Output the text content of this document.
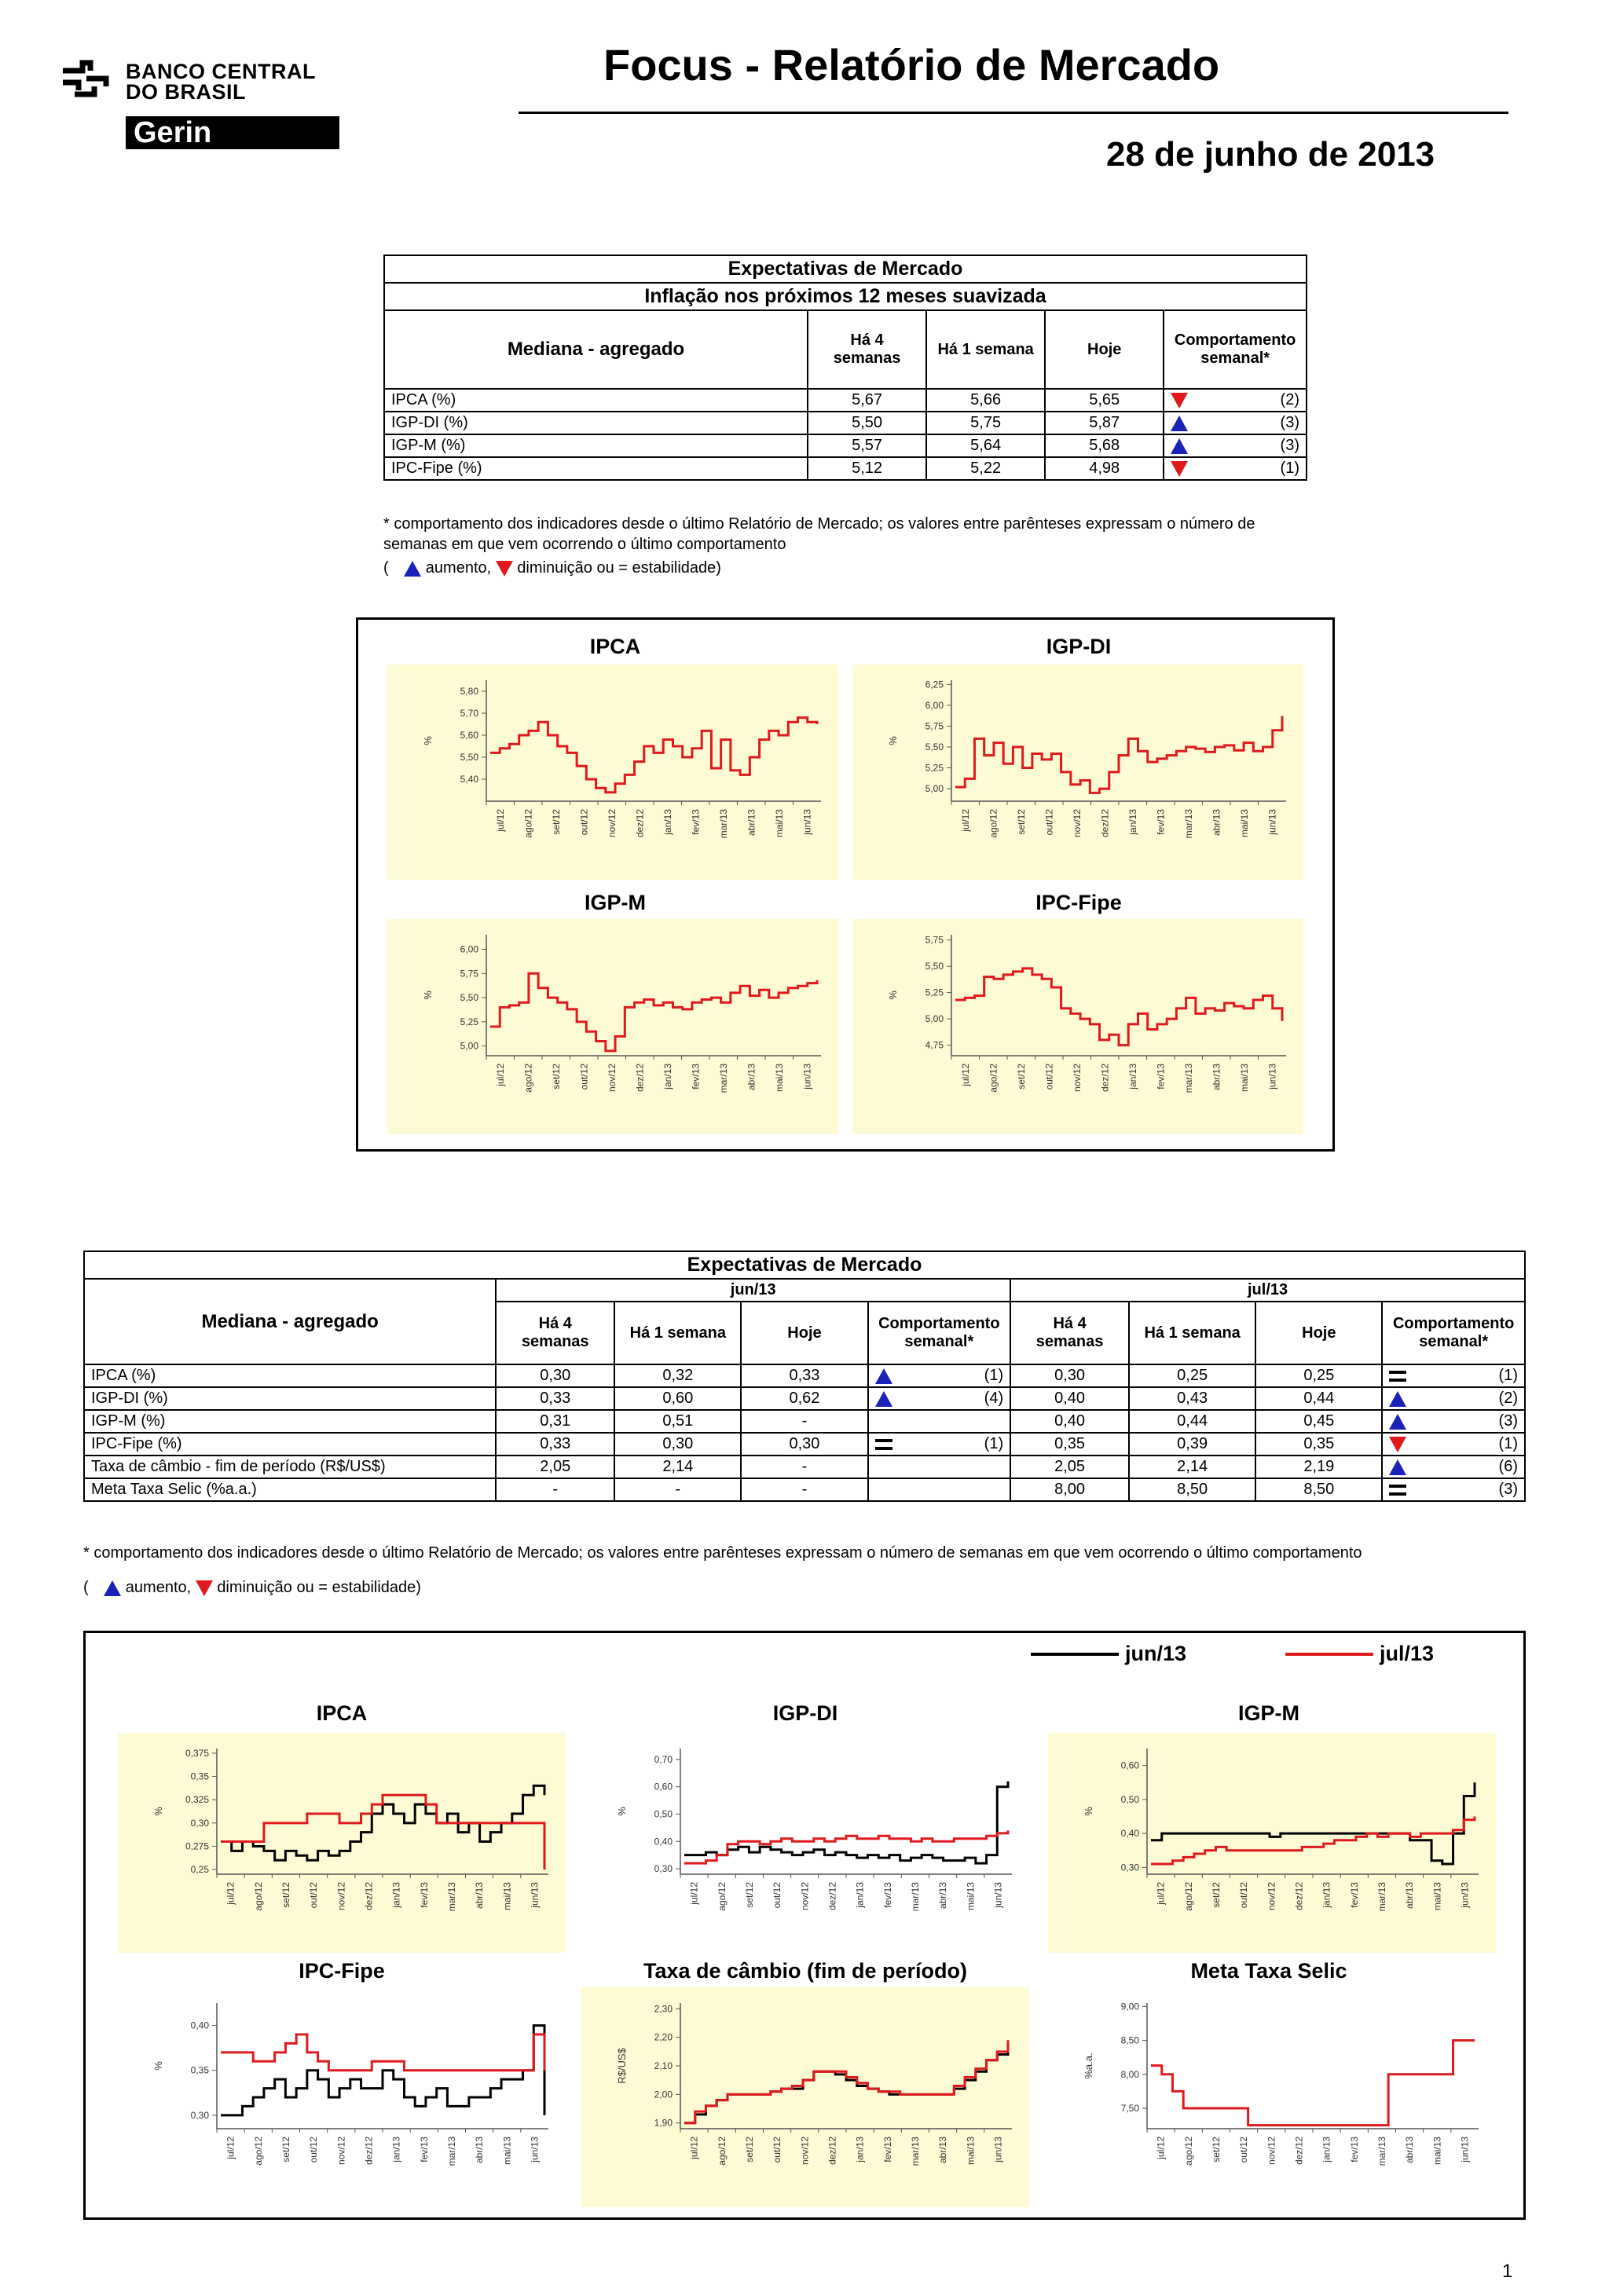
BANCO CENTRAL
DO BRASIL
Gerin
Focus - Relatório de Mercado
28 de junho de 2013
Expectativas de Mercado				
Inflação nos próximos 12 meses suavizada				
Mediana - agregado	Há 4 semanas	Há 1 semana	Hoje	Comportamento semanal*
IPCA (%)	5,67	5,66	5,65	(2)

IGP-DI (%)	5,50	5,75	5,87	(3)

IGP-M (%)	5,57	5,64	5,68	(3)

IPC-Fipe (%)	5,12	5,22	4,98	(1)
* comportamento dos indicadores desde o último Relatório de Mercado; os valores entre parênteses expressam o número de
semanas em que vem ocorrendo o último comportamento
( aumento, diminuição ou = estabilidade)
IPCA	IGP-DI
IGP-M	IPC-Fipe
5,80
5,70
5,60
5,50
5,40
%
jul/12 ago/12 set/12 out/12 nov/12 dez/12 jan/13 fev/13 mar/13 abr/13 mai/13 jun/13
6,25
6,00
5,75
5,50
5,25
5,00
%
jul/12 ago/12 set/12 out/12 nov/12 dez/12 jan/13 fev/13 mar/13 abr/13 mai/13 jun/13
6,00
5,75
5,50
5,25
5,00
%
jul/12 ago/12 set/12 out/12 nov/12 dez/12 jan/13 fev/13 mar/13 abr/13 mai/13 jun/13
5,75
5,50
5,25
5,00
4,75
%
jul/12 ago/12 set/12 out/12 nov/12 dez/12 jan/13 fev/13 mar/13 abr/13 mai/13 jun/13
Expectativas de Mercado								
Mediana - agregado	jun/13				jul/13			
	Há 4 semanas	Há 1 semana	Hoje	Comportamento semanal*	Há 4 semanas	Há 1 semana	Hoje	Comportamento semanal*
IPCA (%)	0,30	0,32	0,33	(1)	0,30	0,25	0,25	(1)

IGP-DI (%)	0,33	0,60	0,62	(4)	0,40	0,43	0,44	(2)

IGP-M (%)	0,31	0,51	-		0,40	0,44	0,45	(3)

IPC-Fipe (%)	0,33	0,30	0,30	(1)	0,35	0,39	0,35	(1)

Taxa de câmbio - fim de período (R$/US$)	2,05	2,14	-		2,05	2,14	2,19	(6)

Meta Taxa Selic (%a.a.)	-	-	-		8,00	8,50	8,50	(3)
* comportamento dos indicadores desde o último Relatório de Mercado; os valores entre parênteses expressam o número de semanas em que vem ocorrendo o último comportamento
( aumento, diminuição ou = estabilidade)
jun/13	jul/13
IPCA	IGP-DI	IGP-M
IPC-Fipe	Taxa de câmbio (fim de período)	Meta Taxa Selic
0,375
0,35
0,325
0,30
0,275
0,25
%
jul/12 ago/12 set/12 out/12 nov/12 dez/12 jan/13 fev/13 mar/13 abr/13 mai/13 jun/13
0,70
0,60
0,50
0,40
0,30
%
jul/12 ago/12 set/12 out/12 nov/12 dez/12 jan/13 fev/13 mar/13 abr/13 mai/13 jun/13
0,60
0,50
0,40
0,30
%
jul/12 ago/12 set/12 out/12 nov/12 dez/12 jan/13 fev/13 mar/13 abr/13 mai/13 jun/13
0,40
0,35
0,30
%
jul/12 ago/12 set/12 out/12 nov/12 dez/12 jan/13 fev/13 mar/13 abr/13 mai/13 jun/13
2,30
2,20
2,10
2,00
1,90
R$/US$
jul/12 ago/12 set/12 out/12 nov/12 dez/12 jan/13 fev/13 mar/13 abr/13 mai/13 jun/13
9,00
8,50
8,00
7,50
%a.a.
jul/12 ago/12 set/12 out/12 nov/12 dez/12 jan/13 fev/13 mar/13 abr/13 mai/13 jun/13
1
